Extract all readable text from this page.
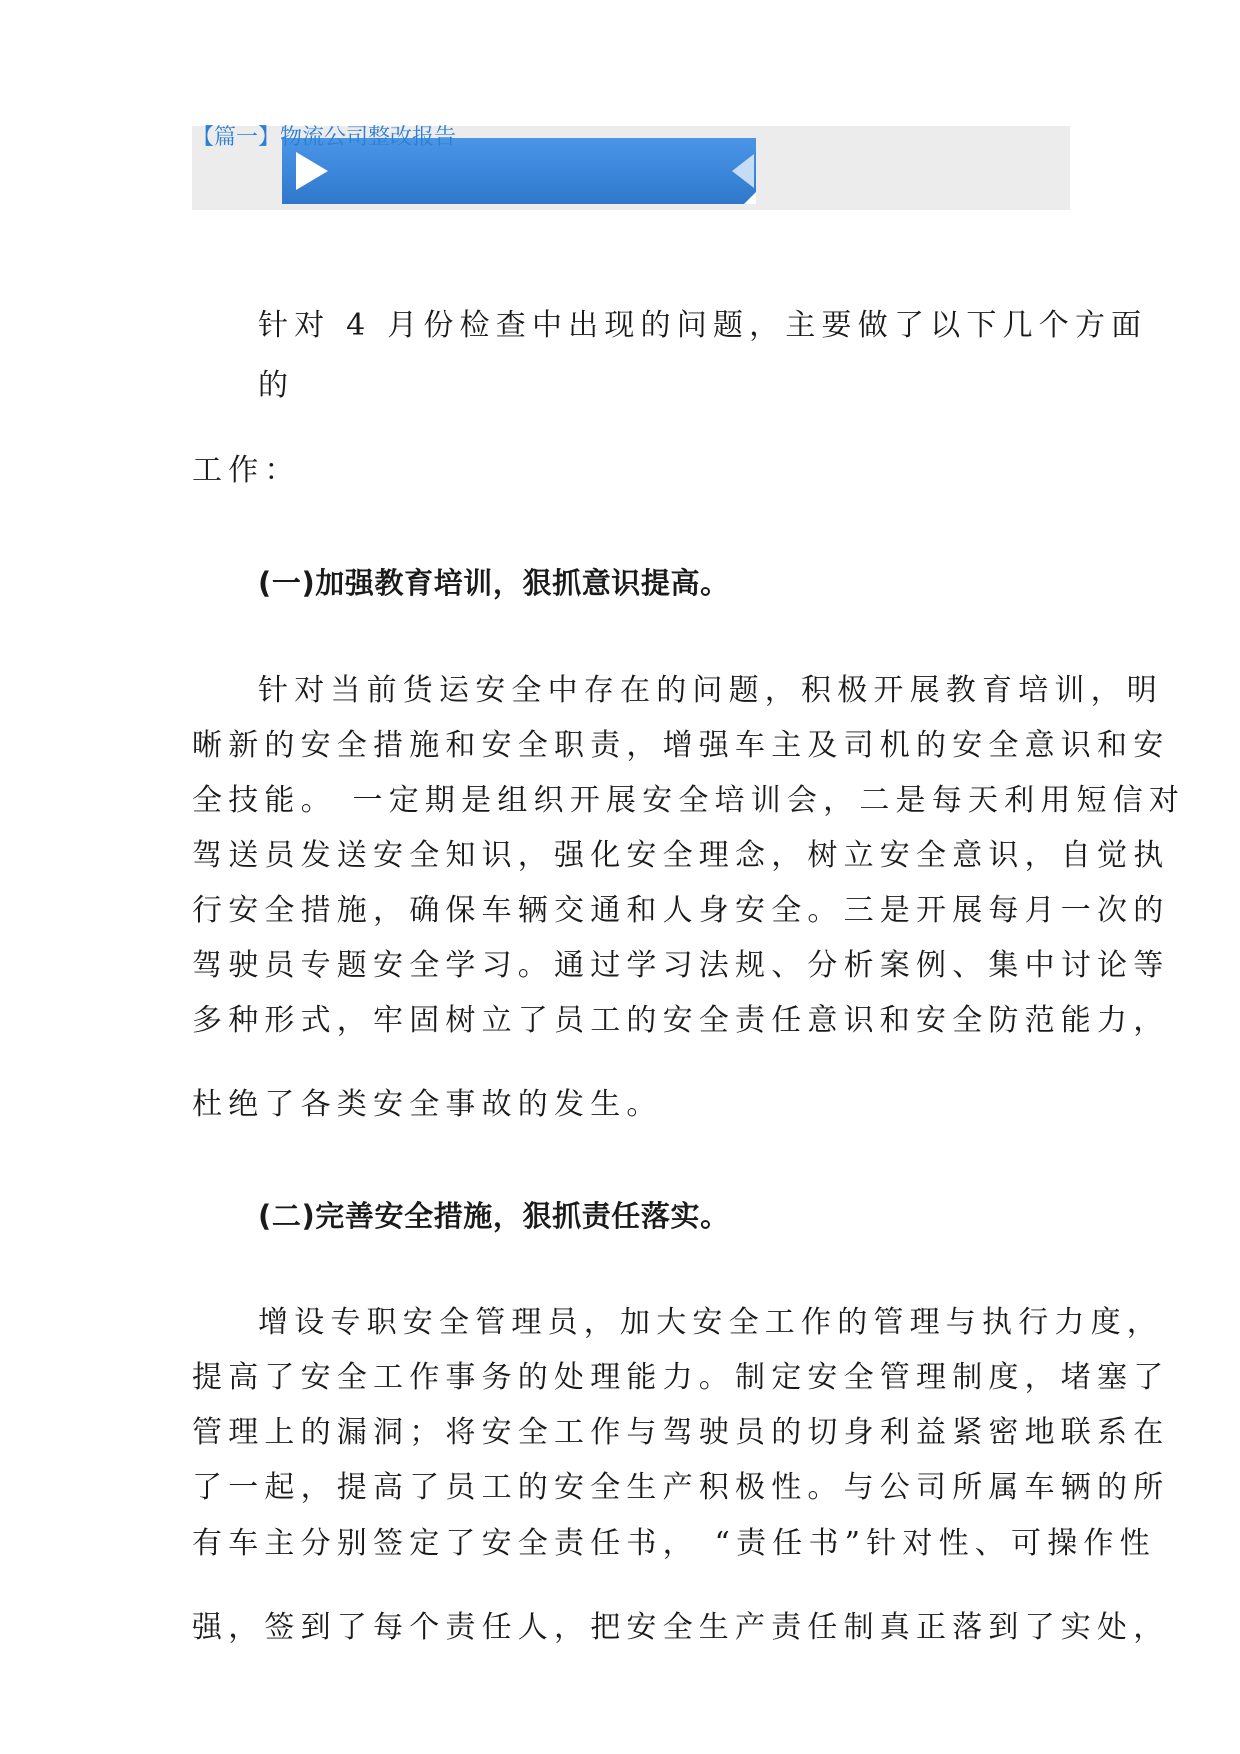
【篇一】物流公司整改报告
针对 4 月份检查中出现的问题，主要做了以下几个方面
的
工作：
(一)加强教育培训，狠抓意识提高。
针对当前货运安全中存在的问题，积极开展教育培训，明
晰新的安全措施和安全职责，增强车主及司机的安全意识和安
全技能。 一定期是组织开展安全培训会，二是每天利用短信对
驾送员发送安全知识，强化安全理念，树立安全意识，自觉执
行安全措施，确保车辆交通和人身安全。三是开展每月一次的
驾驶员专题安全学习。通过学习法规、分析案例、集中讨论等
多种形式，牢固树立了员工的安全责任意识和安全防范能力，
杜绝了各类安全事故的发生。
(二)完善安全措施，狠抓责任落实。
增设专职安全管理员，加大安全工作的管理与执行力度，
提高了安全工作事务的处理能力。制定安全管理制度，堵塞了
管理上的漏洞；将安全工作与驾驶员的切身利益紧密地联系在
了一起，提高了员工的安全生产积极性。与公司所属车辆的所
有车主分别签定了安全责任书， “责任书”针对性、可操作性
强，签到了每个责任人，把安全生产责任制真正落到了实处，
